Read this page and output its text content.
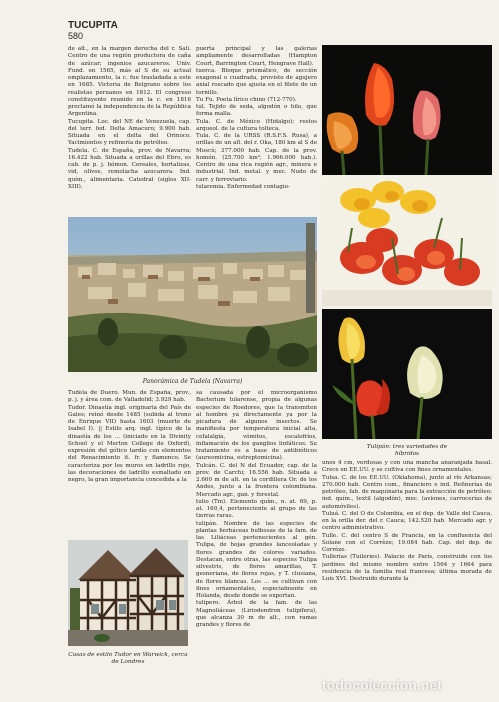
TUCUPITA
580

de alt., en la margen derecha del r. Salí. Centro de una región productora de caña de azúcar; ingenios azucareros. Univ. Fund. en 1565, más al S de su actual emplazamiento, la c. fue trasladada a este en 1685. Victoria de Belgrano sobre los realistas peruanos en 1812. El congreso constituyente reunido en la c. en 1816 proclamó la independencia de la República Argentina.

Tucupita. Loc. del NE de Venezuela, cap. del terr. fed. Delta Amacuro; 9.900 hab. Situada en el delta del Orinoco. Yacimientos y refinería de petróleo.

Tudela. C. de España, prov. de Navarra; 16.422 hab. Situada a orillas del Ebro, es cab. de p. j. hómon. Cereales, hortalizas, vid, olivos, remolacha azucarera. Ind. quím., alimentaria. Catedral (siglos XII-XIII).

puerta principal y las galerías ampliamente desarrolladas (Hampton Court, Barrington Court, Hengrave Hall).

tuerca. Bloque prismático, de sección exagonal o cuadrada, provisto de agujero axial roscado que ajusta en el filete de un tornillo.

Tu Fu. Poeta lírico chino (712-770).

tul. Tejido de seda, algodón o hilo, que forma malla.

Tula. C. de México (Hidalgo); restos arqueol. de la cultura tolteca.

Tula. C. de la URSS (R.S.F.S. Rusa), a orillas de un afl. del r. Oka, 180 km al S de Moscú; 377.000 hab. Cap. de la prov. homón. (25.700 km²; 1.966.000 hab.). Centro de una rica región agr., minera e industrial. Ind. metal. y mec. Nudo de carr. y ferroviario.

tularemia. Enfermedad contagio-

Panorámica de Tudela (Navarra)

Tudela de Duero. Mun. de España, prov., p. j. y área com. de Valladolid; 3.929 hab.

Tudor. Dinastía ingl. originaria del País de Gales; reinó desde 1485 (subida al trono de Enrique VII) hasta 1603 (muerte de Isabel I). || Estilo arq. ingl. típico de la dinastía de los ... (iniciado en la Divinity School y el Merton College de Oxford), expresión del gótico tardío con elementos del Renacimiento it. fr. y flamenco. Se caracteriza por los muros en ladrillo rojo, las decoraciones de ladrillo esmaltado en negro, la gran importancia concedida a la

sa causada por el microorganismo Bacterium tularense, propia de algunas especies de Roedores, que la transmiten al hombre ya directamente ya por la picadura de algunos insectos. Se manifiesta por temperatura inicial alta, cefalalgia, vómitos, escalofríos, inflamación de los ganglios linfáticos. Su tratamiento es a base de antibióticos (aureomicina, estreptomicina).

Tulcán. C. del N del Ecuador, cap. de la prov. de Carchi; 16.556 hab. Situada a 2.600 m de alt. en la cordillera Or. de los Andes, junto a la frontera colombiana. Mercado agr., gan. y forestal.

tulio (Tm). Elemento quím., n. at. 69, p. at. 169,4, perteneciente al grupo de las tierras raras.

tulipán. Nombre de las especies de plantas herbáceas bulbosas de la fam. de las Liliáceas pertenecientes al gén. Tulipa, de hojas grandes lanceoladas y flores grandes de colores variados. Destacan, entre otras, las especies Tulipa silvestris, de flores amarillas, T. gesneriana, de flores rojas, y T. clusiana, de flores blancas. Los ... se cultivan con fines ornamentales, especialmente en Holanda, desde donde se exportan.

tulipero. Árbol de la fam. de las Magnoliáceas (Liriodendron tulipifera), que alcanza 30 m de alt., con ramas grandes y flores de

Casas de estilo Tudor en Warwick, cerca de Londres
Tulipán: tres variedades de híbridos

unos 4 cm, verdosas y con una mancha anaranjada basal. Crece en EE.UU. y se cultiva con fines ornamentales.

Tulsa. C. de los EE.UU. (Oklahoma), junto al río Arkansas; 270.000 hab. Centro com., financiero e ind. Refinerías de petróleo, fab. de maquinaria para la extracción de petróleo; ind. quím., textil (algodón), mec. (aviones, carrocerías de automóviles).

Tuluá. C. del O de Colombia, en el dep. de Valle del Cauca, en la orilla der. del r. Cauca; 142.520 hab. Mercado agr. y centro administrativo.

Tulle. C. del centro S de Francia, en la confluencia del Solane con el Corrèze; 19.084 hab. Cap. del dep. de Corrèze.

Tullerías (Tuileries). Palacio de París, construido con los jardines del mismo nombre entre 1564 y 1664 para residencia de la familia real francesa; última morada de Luis XVI. Destruido durante la

todocoleccion.net
